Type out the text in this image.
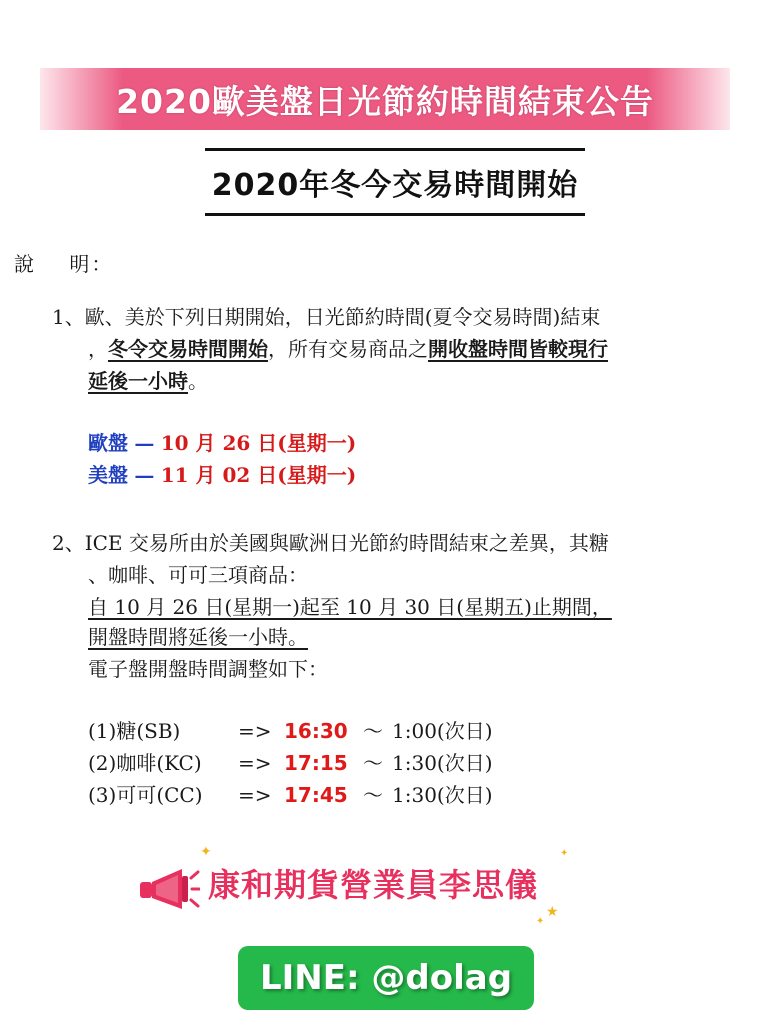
2020歐美盤日光節約時間結束公告
2020年冬今交易時間開始
說    明：
1、歐、美於下列日期開始，日光節約時間(夏令交易時間)結束
，冬令交易時間開始，所有交易商品之開收盤時間皆較現行
延後一小時。
歐盤 — 10 月 26 日(星期一)
美盤 — 11 月 02 日(星期一)
2、ICE 交易所由於美國與歐洲日光節約時間結束之差異，其糖
、咖啡、可可三項商品：
自 10 月 26 日(星期一)起至 10 月 30 日(星期五)止期間，
開盤時間將延後一小時。
電子盤開盤時間調整如下：
(1)糖(SB)	=> 16:30 ～ 1:00(次日)
(2)咖啡(KC) => 17:15 ～ 1:30(次日)
(3)可可(CC) => 17:45 ～ 1:30(次日)
✦	✦
★
✦
康和期貨營業員李思儀
LINE: @dolag
